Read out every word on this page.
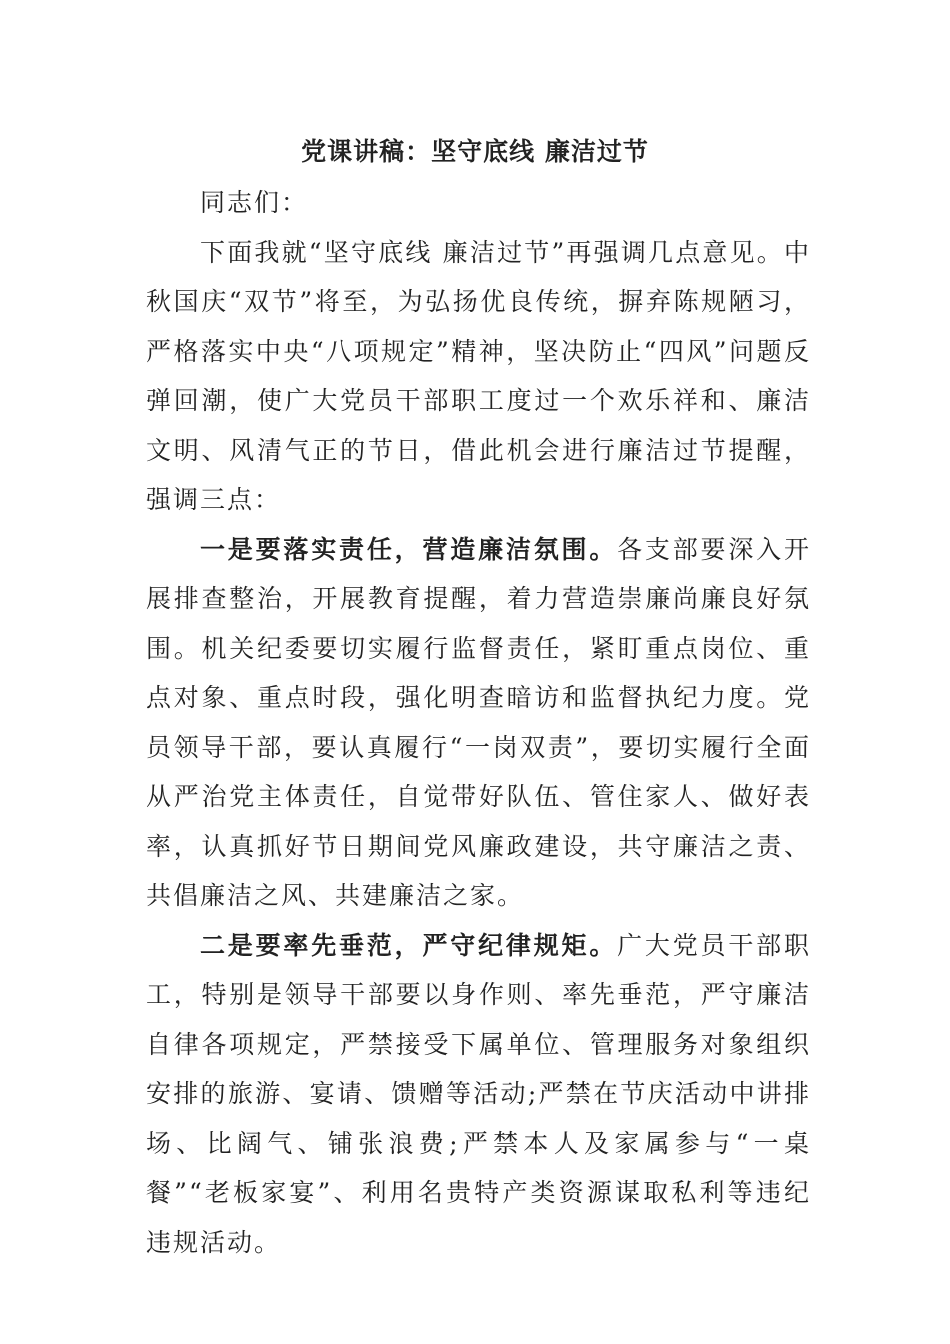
党课讲稿：坚守底线 廉洁过节

同志们：

下面我就“坚守底线 廉洁过节”再强调几点意见。中秋国庆“双节”将至，为弘扬优良传统，摒弃陈规陋习，严格落实中央“八项规定”精神，坚决防止“四风”问题反弹回潮，使广大党员干部职工度过一个欢乐祥和、廉洁文明、风清气正的节日，借此机会进行廉洁过节提醒，强调三点：

一是要落实责任，营造廉洁氛围。各支部要深入开展排查整治，开展教育提醒，着力营造崇廉尚廉良好氛围。机关纪委要切实履行监督责任，紧盯重点岗位、重点对象、重点时段，强化明查暗访和监督执纪力度。党员领导干部，要认真履行“一岗双责”，要切实履行全面从严治党主体责任，自觉带好队伍、管住家人、做好表率，认真抓好节日期间党风廉政建设，共守廉洁之责、共倡廉洁之风、共建廉洁之家。

二是要率先垂范，严守纪律规矩。广大党员干部职工，特别是领导干部要以身作则、率先垂范，严守廉洁自律各项规定，严禁接受下属单位、管理服务对象组织安排的旅游、宴请、馈赠等活动;严禁在节庆活动中讲排场、比阔气、铺张浪费;严禁本人及家属参与“一桌餐”“老板家宴”、利用名贵特产类资源谋取私利等违纪违规活动。
